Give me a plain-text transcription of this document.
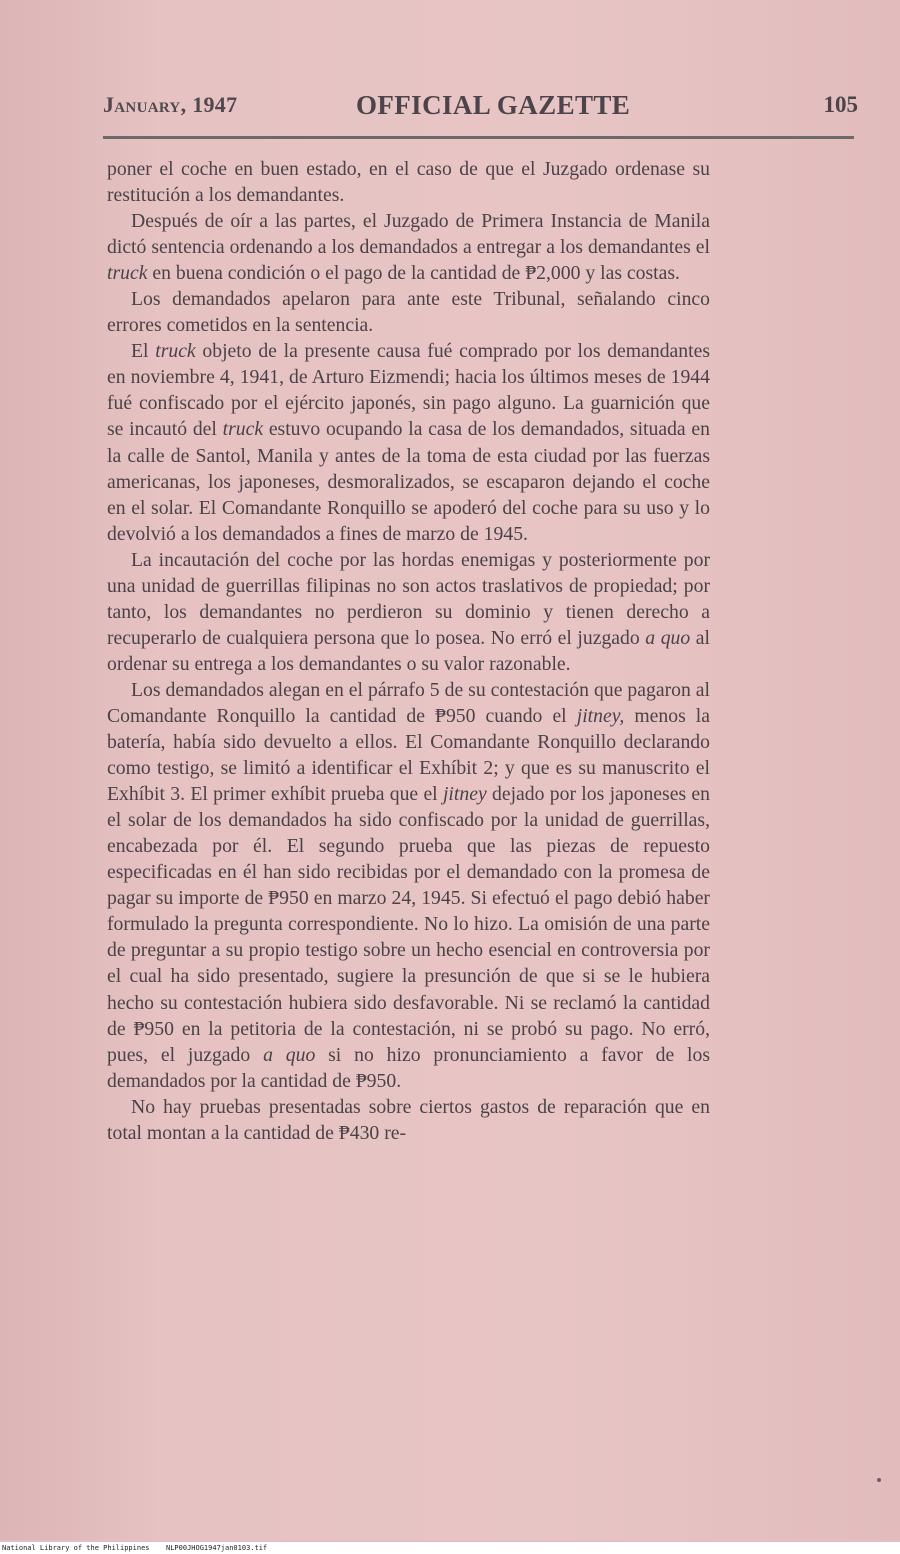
January, 1947	OFFICIAL GAZETTE	105

poner el coche en buen estado, en el caso de que el Juzgado ordenase su restitución a los demandantes.

Después de oír a las partes, el Juzgado de Primera Instancia de Manila dictó sentencia ordenando a los demandados a entregar a los demandantes el truck en buena condición o el pago de la cantidad de ₱2,000 y las costas.

Los demandados apelaron para ante este Tribunal, señalando cinco errores cometidos en la sentencia.

El truck objeto de la presente causa fué comprado por los demandantes en noviembre 4, 1941, de Arturo Eizmendi; hacia los últimos meses de 1944 fué confiscado por el ejército japonés, sin pago alguno. La guarnición que se incautó del truck estuvo ocupando la casa de los demandados, situada en la calle de Santol, Manila y antes de la toma de esta ciudad por las fuerzas americanas, los japoneses, desmoralizados, se escaparon dejando el coche en el solar. El Comandante Ronquillo se apoderó del coche para su uso y lo devolvió a los demandados a fines de marzo de 1945.

La incautación del coche por las hordas enemigas y posteriormente por una unidad de guerrillas filipinas no son actos traslativos de propiedad; por tanto, los demandantes no perdieron su dominio y tienen derecho a recuperarlo de cualquiera persona que lo posea. No erró el juzgado a quo al ordenar su entrega a los demandantes o su valor razonable.

Los demandados alegan en el párrafo 5 de su contestación que pagaron al Comandante Ronquillo la cantidad de ₱950 cuando el jitney, menos la batería, había sido devuelto a ellos. El Comandante Ronquillo declarando como testigo, se limitó a identificar el Exhíbit 2; y que es su manuscrito el Exhíbit 3. El primer exhíbit prueba que el jitney dejado por los japoneses en el solar de los demandados ha sido confiscado por la unidad de guerrillas, encabezada por él. El segundo prueba que las piezas de repuesto especificadas en él han sido recibidas por el demandado con la promesa de pagar su importe de ₱950 en marzo 24, 1945. Si efectuó el pago debió haber formulado la pregunta correspondiente. No lo hizo. La omisión de una parte de preguntar a su propio testigo sobre un hecho esencial en controversia por el cual ha sido presentado, sugiere la presunción de que si se le hubiera hecho su contestación hubiera sido desfavorable. Ni se reclamó la cantidad de ₱950 en la petitoria de la contestación, ni se probó su pago. No erró, pues, el juzgado a quo si no hizo pronunciamiento a favor de los demandados por la cantidad de ₱950.

No hay pruebas presentadas sobre ciertos gastos de reparación que en total montan a la cantidad de ₱430 re-

National Library of the Philippines NLP00JHOG1947jan0103.tif
